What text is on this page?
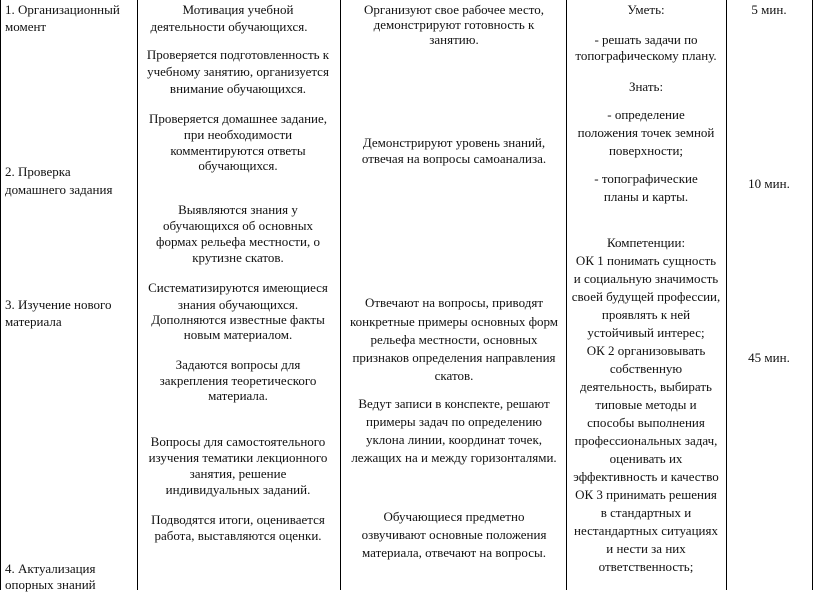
1. Организационный
момент
2. Проверка
домашнего задания
3. Изучение нового
материала
4. Актуализация
опорных знаний
Мотивация учебной
деятельности обучающихся.
Проверяется подготовленность к
учебному занятию, организуется
внимание обучающихся.
Проверяется домашнее задание,
при необходимости
комментируются ответы
обучающихся.
Выявляются знания у
обучающихся об основных
формах рельефа местности, о
крутизне скатов.
Систематизируются имеющиеся
знания обучающихся.
Дополняются известные факты
новым материалом.
Задаются вопросы для
закрепления теоретического
материала.
Вопросы для самостоятельного
изучения тематики лекционного
занятия, решение
индивидуальных заданий.
Подводятся итоги, оценивается
работа, выставляются оценки.
Организуют свое рабочее место,
демонстрируют готовность к
занятию.
Демонстрируют уровень знаний,
отвечая на вопросы самоанализа.
Отвечают на вопросы, приводят
конкретные примеры основных форм
рельефа местности, основных
признаков определения направления
скатов.
Ведут записи в конспекте, решают
примеры задач по определению
уклона линии, координат точек,
лежащих на и между горизонталями.
Обучающиеся предметно
озвучивают основные положения
материала, отвечают на вопросы.
Уметь:
- решать задачи по
топографическому плану.
Знать:
- определение
положения точек земной
поверхности;
- топографические
планы и карты.
Компетенции:
ОК 1 понимать сущность
и социальную значимость
своей будущей профессии,
проявлять к ней
устойчивый интерес;
ОК 2 организовывать
собственную
деятельность, выбирать
типовые методы и
способы выполнения
профессиональных задач,
оценивать их
эффективность и качество
ОК 3 принимать решения
в стандартных и
нестандартных ситуациях
и нести за них
ответственность;
5 мин.
10 мин.
45 мин.
